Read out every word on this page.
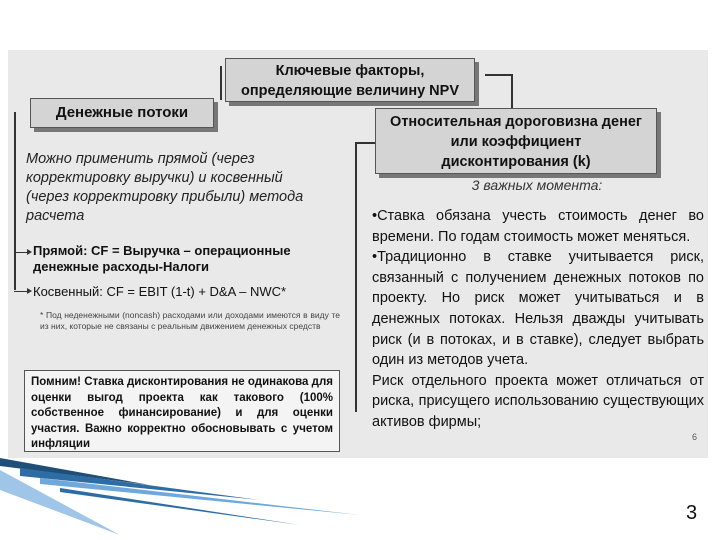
Ключевые факторы,
определяющие величину NPV
Денежные потоки
Относительная дороговизна денег
или коэффициент
дисконтирования (k)
Можно применить прямой (через корректировку выручки) и косвенный (через корректировку прибыли) метода расчета
Прямой: CF = Выручка – операционные денежные расходы-Налоги
Косвенный: CF = EBIT (1-t) + D&A – NWC*
* Под неденежными (noncash) расходами или доходами имеются в виду те из них, которые не связаны с реальным движением денежных средств
Помним! Ставка дисконтирования не одинакова для оценки выгод проекта как такового (100% собственное финансирование) и для оценки участия. Важно корректно обосновывать с учетом инфляции
3 важных момента:

•Ставка обязана учесть стоимость денег во времени. По годам стоимость может меняться.

•Традиционно в ставке учитывается риск, связанный с получением денежных потоков по проекту. Но риск может учитываться и в денежных потоках. Нельзя дважды учитывать риск (и в потоках, и в ставке), следует выбрать один из методов учета.

Риск отдельного проекта может отличаться от риска, присущего использованию существующих активов фирмы;

6
3
